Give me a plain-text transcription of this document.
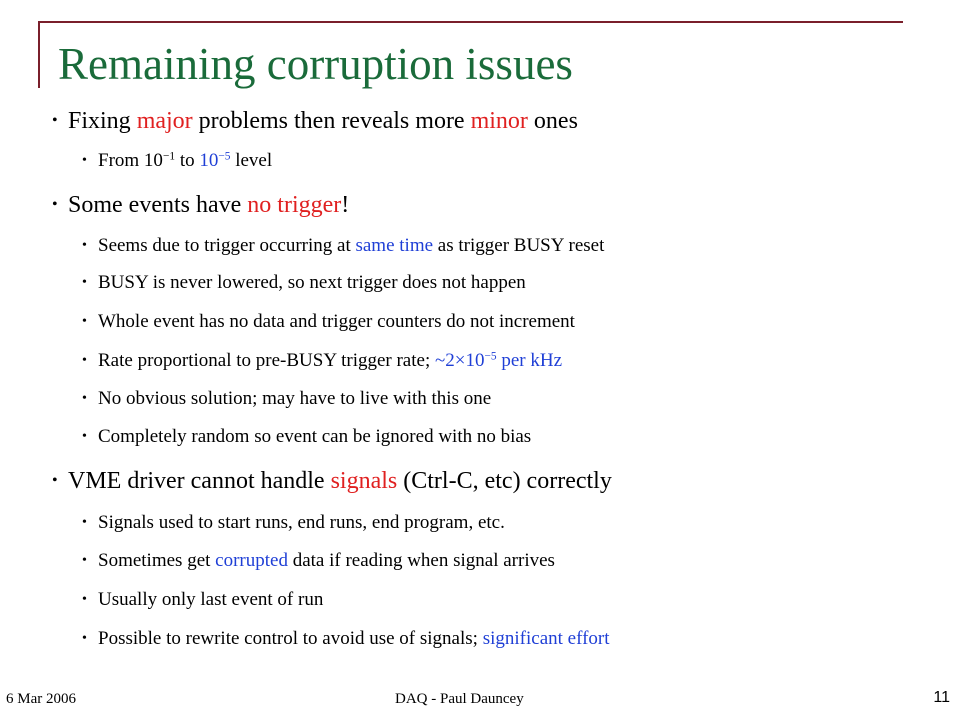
Remaining corruption issues
• Fixing major problems then reveals more minor ones
• From $10^{-1}$ to $10^{-5}$ level
• Some events have no trigger!
• Seems due to trigger occurring at same time as trigger BUSY reset
• BUSY is never lowered, so next trigger does not happen
• Whole event has no data and trigger counters do not increment
• Rate proportional to pre-BUSY trigger rate; $\sim 2\times 10^{-5}$ per kHz
• No obvious solution; may have to live with this one
• Completely random so event can be ignored with no bias
• VME driver cannot handle signals (Ctrl-C, etc) correctly
• Signals used to start runs, end runs, end program, etc.
• Sometimes get corrupted data if reading when signal arrives
• Usually only last event of run
• Possible to rewrite control to avoid use of signals; significant effort
6 Mar 2006	DAQ - Paul Dauncey	11
